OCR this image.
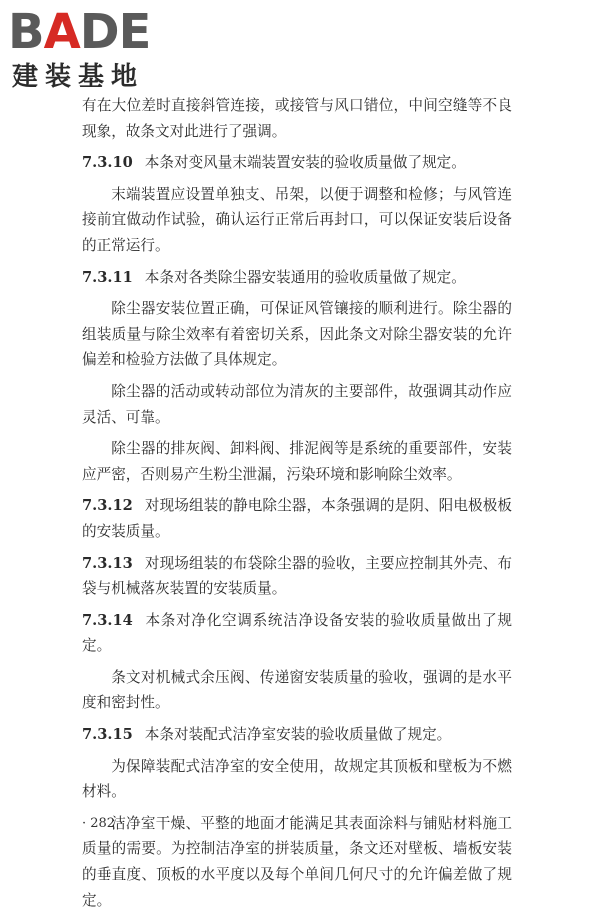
BADE
建装基地

有在大位差时直接斜管连接，或接管与风口错位，中间空缝等不良现象，故条文对此进行了强调。

7.3.10 本条对变风量末端装置安装的验收质量做了规定。

末端装置应设置单独支、吊架，以便于调整和检修；与风管连接前宜做动作试验，确认运行正常后再封口，可以保证安装后设备的正常运行。

7.3.11 本条对各类除尘器安装通用的验收质量做了规定。

除尘器安装位置正确，可保证风管镶接的顺利进行。除尘器的组装质量与除尘效率有着密切关系，因此条文对除尘器安装的允许偏差和检验方法做了具体规定。

除尘器的活动或转动部位为清灰的主要部件，故强调其动作应灵活、可靠。

除尘器的排灰阀、卸料阀、排泥阀等是系统的重要部件，安装应严密，否则易产生粉尘泄漏，污染环境和影响除尘效率。

7.3.12 对现场组装的静电除尘器，本条强调的是阴、阳电极极板的安装质量。

7.3.13 对现场组装的布袋除尘器的验收，主要应控制其外壳、布袋与机械落灰装置的安装质量。

7.3.14 本条对净化空调系统洁净设备安装的验收质量做出了规定。

条文对机械式余压阀、传递窗安装质量的验收，强调的是水平度和密封性。

7.3.15 本条对装配式洁净室安装的验收质量做了规定。

为保障装配式洁净室的安全使用，故规定其顶板和壁板为不燃材料。

洁净室干燥、平整的地面才能满足其表面涂料与铺贴材料施工质量的需要。为控制洁净室的拼装质量，条文还对壁板、墙板安装的垂直度、顶板的水平度以及每个单间几何尺寸的允许偏差做了规定。

· 282 ·
